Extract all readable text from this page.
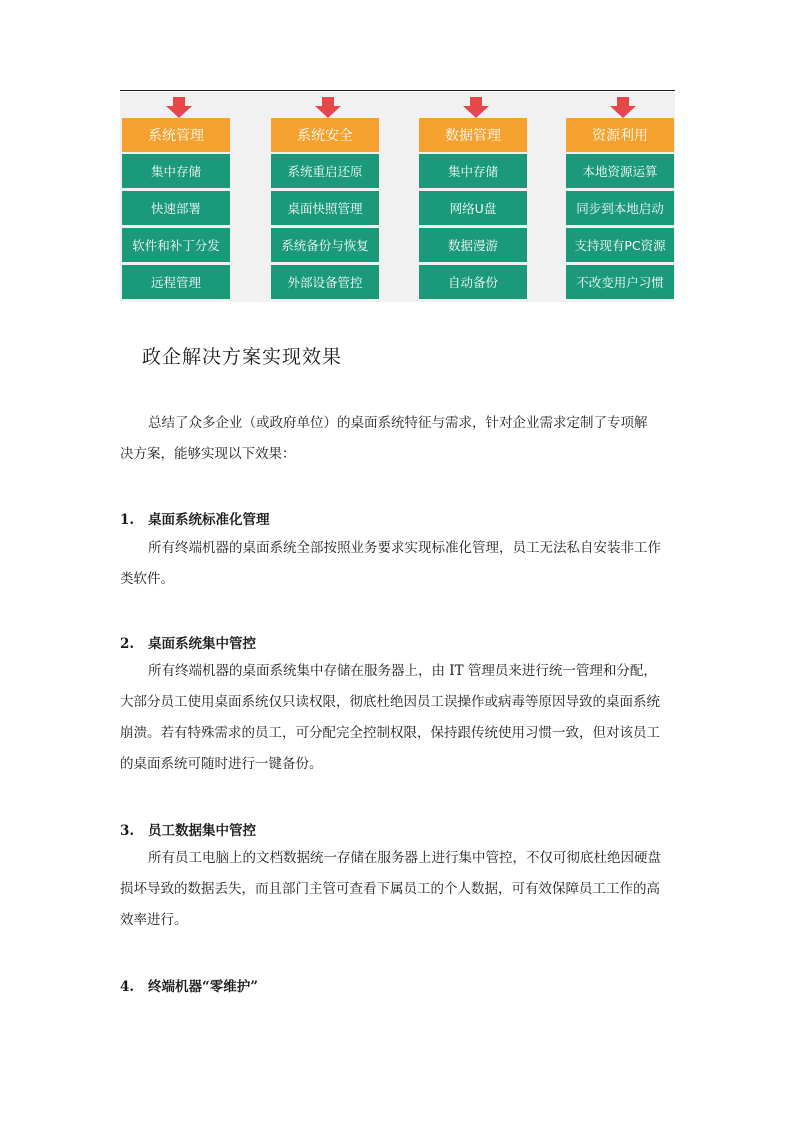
系统管理
集中存储
快速部署
软件和补丁分发
远程管理
系统安全
系统重启还原
桌面快照管理
系统备份与恢复
外部设备管控
数据管理
集中存储
网络U盘
数据漫游
自动备份
资源利用
本地资源运算
同步到本地启动
支持现有PC资源
不改变用户习惯
政企解决方案实现效果
总结了众多企业（或政府单位）的桌面系统特征与需求，针对企业需求定制了专项解
决方案，能够实现以下效果：
1. 桌面系统标准化管理
所有终端机器的桌面系统全部按照业务要求实现标准化管理，员工无法私自安装非工作
类软件。
2. 桌面系统集中管控
所有终端机器的桌面系统集中存储在服务器上，由 IT 管理员来进行统一管理和分配，
大部分员工使用桌面系统仅只读权限，彻底杜绝因员工误操作或病毒等原因导致的桌面系统
崩溃。若有特殊需求的员工，可分配完全控制权限，保持跟传统使用习惯一致，但对该员工
的桌面系统可随时进行一键备份。
3. 员工数据集中管控
所有员工电脑上的文档数据统一存储在服务器上进行集中管控，不仅可彻底杜绝因硬盘
损坏导致的数据丢失，而且部门主管可查看下属员工的个人数据，可有效保障员工工作的高
效率进行。
4. 终端机器“零维护”
